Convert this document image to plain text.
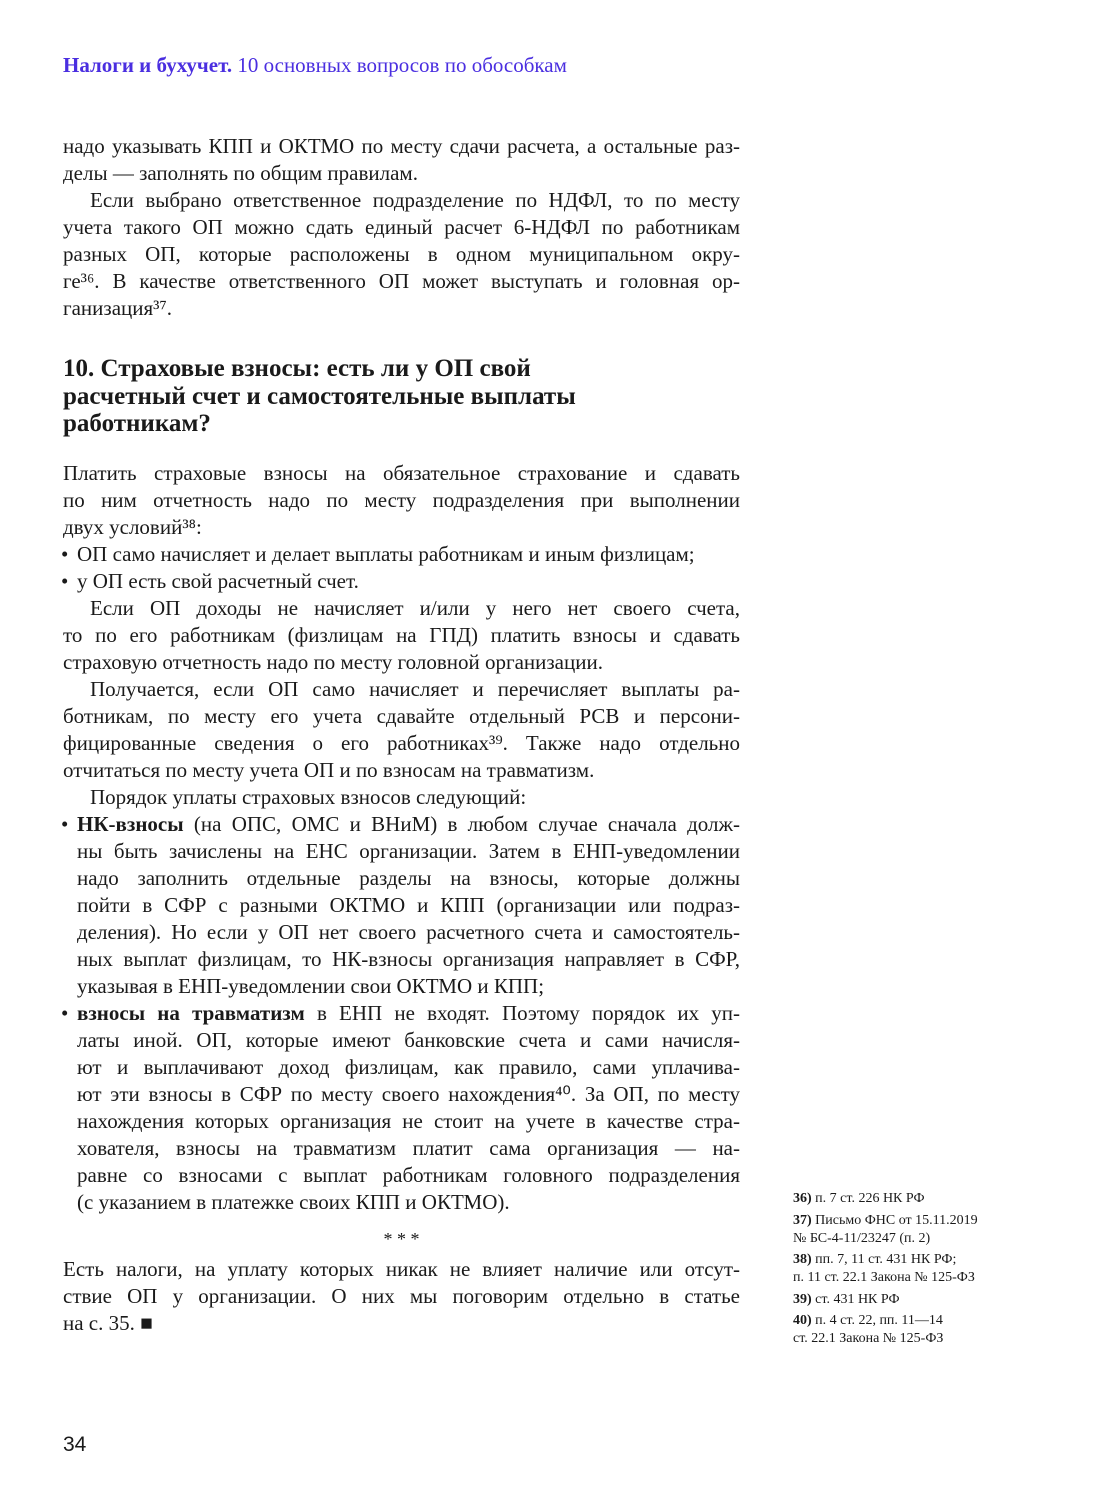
Налоги и бухучет. 10 основных вопросов по обособкам
надо указывать КПП и ОКТМО по месту сдачи расчета, а остальные раз-
делы — заполнять по общим правилам.
Если выбрано ответственное подразделение по НДФЛ, то по месту
учета такого ОП можно сдать единый расчет 6-НДФЛ по работникам
разных ОП, которые расположены в одном муниципальном окру-
ге³⁶. В качестве ответственного ОП может выступать и головная ор-
ганизация³⁷.
10. Страховые взносы: есть ли у ОП свой
расчетный счет и самостоятельные выплаты
работникам?
Платить страховые взносы на обязательное страхование и сдавать
по ним отчетность надо по месту подразделения при выполнении
двух условий³⁸:
• ОП само начисляет и делает выплаты работникам и иным физлицам;
• у ОП есть свой расчетный счет.
Если ОП доходы не начисляет и/или у него нет своего счета,
то по его работникам (физлицам на ГПД) платить взносы и сдавать
страховую отчетность надо по месту головной организации.
Получается, если ОП само начисляет и перечисляет выплаты ра-
ботникам, по месту его учета сдавайте отдельный РСВ и персони-
фицированные сведения о его работниках³⁹. Также надо отдельно
отчитаться по месту учета ОП и по взносам на травматизм.
Порядок уплаты страховых взносов следующий:
• НК-взносы (на ОПС, ОМС и ВНиМ) в любом случае сначала долж-
ны быть зачислены на ЕНС организации. Затем в ЕНП-уведомлении
надо заполнить отдельные разделы на взносы, которые должны
пойти в СФР с разными ОКТМО и КПП (организации или подраз-
деления). Но если у ОП нет своего расчетного счета и самостоятель-
ных выплат физлицам, то НК-взносы организация направляет в СФР,
указывая в ЕНП-уведомлении свои ОКТМО и КПП;
• взносы на травматизм в ЕНП не входят. Поэтому порядок их уп-
латы иной. ОП, которые имеют банковские счета и сами начисля-
ют и выплачивают доход физлицам, как правило, сами уплачива-
ют эти взносы в СФР по месту своего нахождения⁴⁰. За ОП, по месту
нахождения которых организация не стоит на учете в качестве стра-
хователя, взносы на травматизм платит сама организация — на-
равне со взносами с выплат работникам головного подразделения
(с указанием в платежке своих КПП и ОКТМО).
* * *
Есть налоги, на уплату которых никак не влияет наличие или отсут-
ствие ОП у организации. О них мы поговорим отдельно в статье
на с. 35. ■
36) п. 7 ст. 226 НК РФ
37) Письмо ФНС от 15.11.2019
№ БС-4-11/23247 (п. 2)
38) пп. 7, 11 ст. 431 НК РФ;
п. 11 ст. 22.1 Закона № 125-ФЗ
39) ст. 431 НК РФ
40) п. 4 ст. 22, пп. 11—14
ст. 22.1 Закона № 125-ФЗ
34
